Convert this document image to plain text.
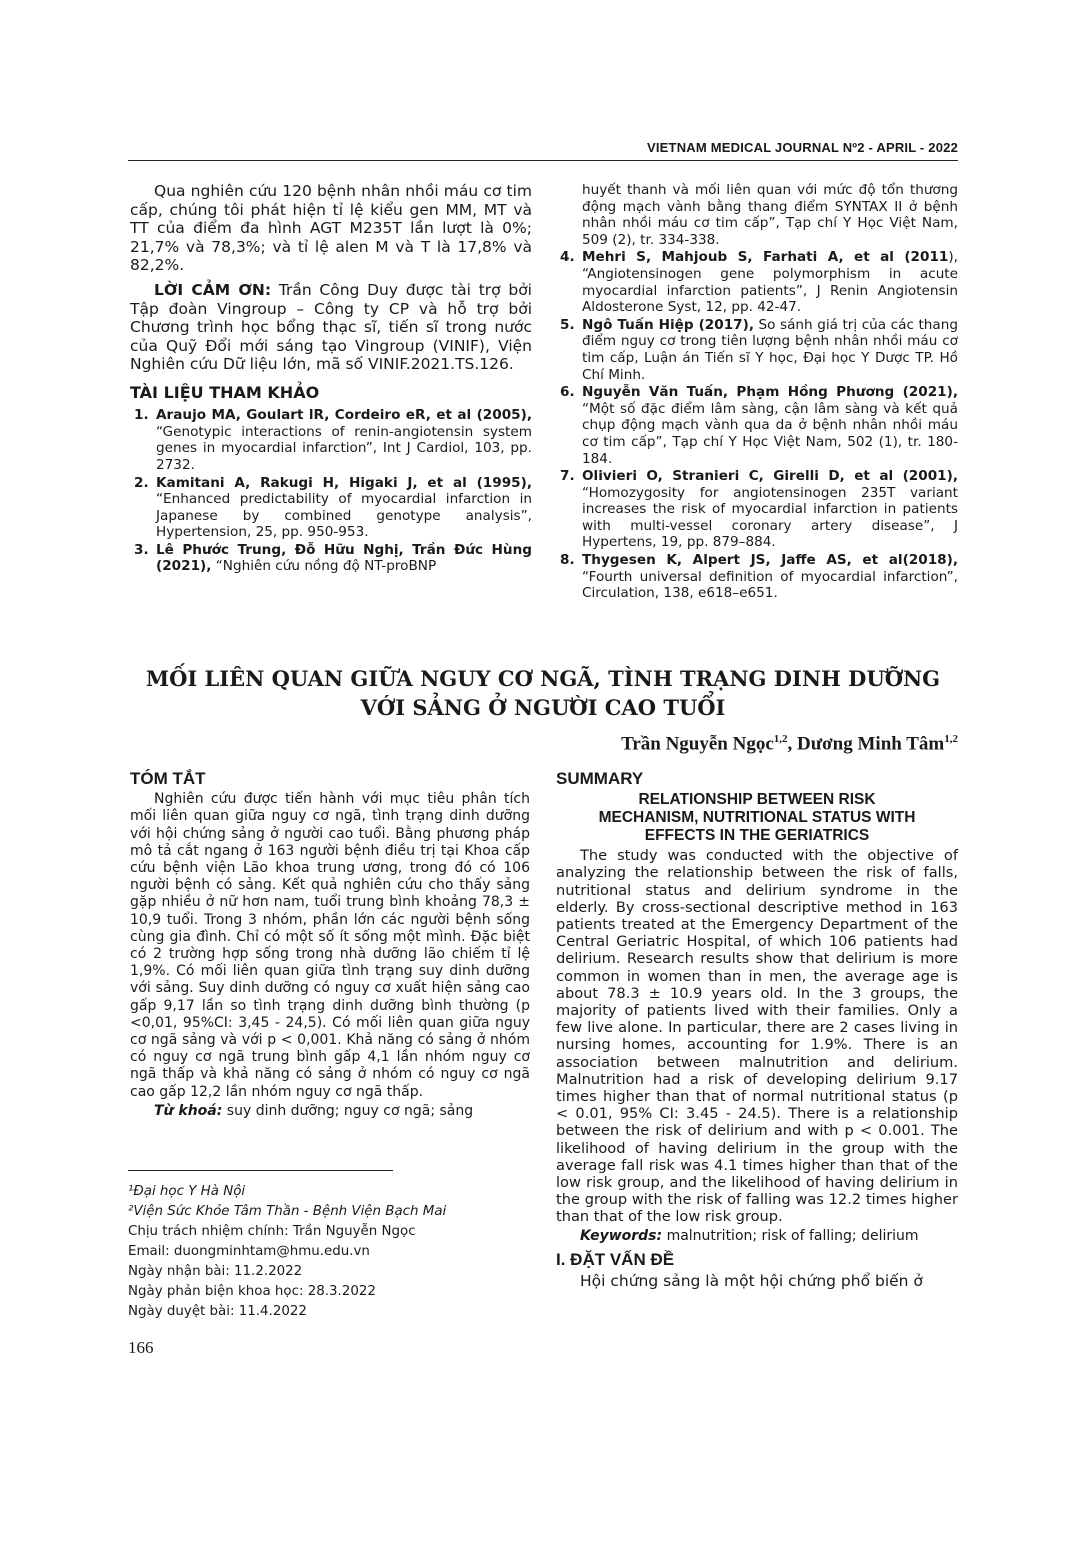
VIETNAM MEDICAL JOURNAL Nº2 - APRIL - 2022

Qua nghiên cứu 120 bệnh nhân nhồi máu cơ tim cấp, chúng tôi phát hiện tỉ lệ kiểu gen MM, MT và TT của điểm đa hình AGT M235T lần lượt là 0%; 21,7% và 78,3%; và tỉ lệ alen M và T là 17,8% và 82,2%.

LỜI CẢM ƠN: Trần Công Duy được tài trợ bởi Tập đoàn Vingroup – Công ty CP và hỗ trợ bởi Chương trình học bổng thạc sĩ, tiến sĩ trong nước của Quỹ Đổi mới sáng tạo Vingroup (VINIF), Viện Nghiên cứu Dữ liệu lớn, mã số VINIF.2021.TS.126.

TÀI LIỆU THAM KHẢO
1. Araujo MA, Goulart lR, Cordeiro eR, et al (2005), “Genotypic interactions of renin-angiotensin system genes in myocardial infarction”, Int J Cardiol, 103, pp. 2732.
2. Kamitani A, Rakugi H, Higaki J, et al (1995), “Enhanced predictability of myocardial infarction in Japanese by combined genotype analysis”, Hypertension, 25, pp. 950-953.
3. Lê Phước Trung, Đỗ Hữu Nghị, Trần Đức Hùng (2021), “Nghiên cứu nồng độ NT-proBNP
huyết thanh và mối liên quan với mức độ tổn thương động mạch vành bằng thang điểm SYNTAX II ở bệnh nhân nhồi máu cơ tim cấp”, Tạp chí Y Học Việt Nam, 509 (2), tr. 334-338.
4. Mehri S, Mahjoub S, Farhati A, et al (2011), “Angiotensinogen gene polymorphism in acute myocardial infarction patients”, J Renin Angiotensin Aldosterone Syst, 12, pp. 42-47.
5. Ngô Tuấn Hiệp (2017), So sánh giá trị của các thang điểm nguy cơ trong tiên lượng bệnh nhân nhồi máu cơ tim cấp, Luận án Tiến sĩ Y học, Đại học Y Dược TP. Hồ Chí Minh.
6. Nguyễn Văn Tuấn, Phạm Hồng Phương (2021), “Một số đặc điểm lâm sàng, cận lâm sàng và kết quả chụp động mạch vành qua da ở bệnh nhân nhồi máu cơ tim cấp”, Tạp chí Y Học Việt Nam, 502 (1), tr. 180-184.
7. Olivieri O, Stranieri C, Girelli D, et al (2001), “Homozygosity for angiotensinogen 235T variant increases the risk of myocardial infarction in patients with multi-vessel coronary artery disease”, J Hypertens, 19, pp. 879–884.
8. Thygesen K, Alpert JS, Jaffe AS, et al(2018), “Fourth universal definition of myocardial infarction”, Circulation, 138, e618–e651.
MỐI LIÊN QUAN GIỮA NGUY CƠ NGÃ, TÌNH TRẠNG DINH DƯỠNG
VỚI SẢNG Ở NGƯỜI CAO TUỔI
Trần Nguyễn Ngọc$^{1,2}$, Dương Minh Tâm$^{1,2}$
TÓM TẮT

Nghiên cứu được tiến hành với mục tiêu phân tích mối liên quan giữa nguy cơ ngã, tình trạng dinh dưỡng với hội chứng sảng ở người cao tuổi. Bằng phương pháp mô tả cắt ngang ở 163 người bệnh điều trị tại Khoa cấp cứu bệnh viện Lão khoa trung ương, trong đó có 106 người bệnh có sảng. Kết quả nghiên cứu cho thấy sảng gặp nhiều ở nữ hơn nam, tuổi trung bình khoảng 78,3 ± 10,9 tuổi. Trong 3 nhóm, phần lớn các người bệnh sống cùng gia đình. Chỉ có một số ít sống một mình. Đặc biệt có 2 trường hợp sống trong nhà dưỡng lão chiếm tỉ lệ 1,9%. Có mối liên quan giữa tình trạng suy dinh dưỡng với sảng. Suy dinh dưỡng có nguy cơ xuất hiện sảng cao gấp 9,17 lần so tình trạng dinh dưỡng bình thường (p <0,01, 95%CI: 3,45 - 24,5). Có mối liên quan giữa nguy cơ ngã sảng và với p < 0,001. Khả năng có sảng ở nhóm có nguy cơ ngã trung bình gấp 4,1 lần nhóm nguy cơ ngã thấp và khả năng có sảng ở nhóm có nguy cơ ngã cao gấp 12,2 lần nhóm nguy cơ ngã thấp.

Từ khoá: suy dinh dưỡng; nguy cơ ngã; sảng

SUMMARY
RELATIONSHIP BETWEEN RISK
MECHANISM, NUTRITIONAL STATUS WITH
EFFECTS IN THE GERIATRICS

The study was conducted with the objective of analyzing the relationship between the risk of falls, nutritional status and delirium syndrome in the elderly. By cross-sectional descriptive method in 163 patients treated at the Emergency Department of the Central Geriatric Hospital, of which 106 patients had delirium. Research results show that delirium is more common in women than in men, the average age is about 78.3 ± 10.9 years old. In the 3 groups, the majority of patients lived with their families. Only a few live alone. In particular, there are 2 cases living in nursing homes, accounting for 1.9%. There is an association between malnutrition and delirium. Malnutrition had a risk of developing delirium 9.17 times higher than that of normal nutritional status (p < 0.01, 95% CI: 3.45 - 24.5). There is a relationship between the risk of delirium and with p < 0.001. The likelihood of having delirium in the group with the average fall risk was 4.1 times higher than that of the low risk group, and the likelihood of having delirium in the group with the risk of falling was 12.2 times higher than that of the low risk group.

Keywords: malnutrition; risk of falling; delirium

I. ĐẶT VẤN ĐỀ

Hội chứng sảng là một hội chứng phổ biến ở

¹Đại học Y Hà Nội
²Viện Sức Khỏe Tâm Thần - Bệnh Viện Bạch Mai
Chịu trách nhiệm chính: Trần Nguyễn Ngọc
Email: duongminhtam@hmu.edu.vn
Ngày nhận bài: 11.2.2022
Ngày phản biện khoa học: 28.3.2022
Ngày duyệt bài: 11.4.2022
166
